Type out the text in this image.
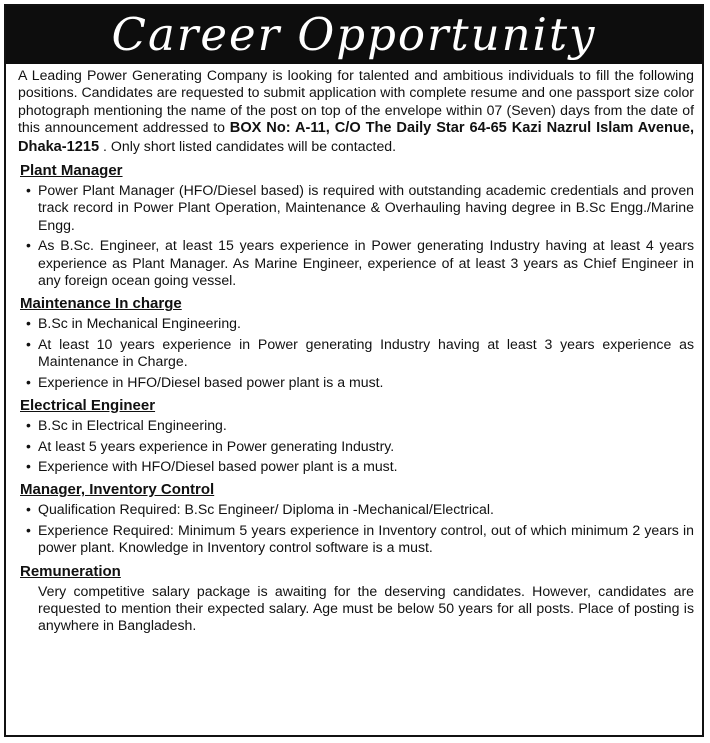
Career Opportunity

A Leading Power Generating Company is looking for talented and ambitious individuals to fill the following positions. Candidates are requested to submit application with complete resume and one passport size color photograph mentioning the name of the post on top of the envelope within 07 (Seven) days from the date of this announcement addressed to BOX No: A-11, C/O The Daily Star 64-65 Kazi Nazrul Islam Avenue, Dhaka-1215 . Only short listed candidates will be contacted.

Plant Manager
• Power Plant Manager (HFO/Diesel based) is required with outstanding academic credentials and proven track record in Power Plant Operation, Maintenance & Overhauling having degree in B.Sc Engg./Marine Engg.
• As B.Sc. Engineer, at least 15 years experience in Power generating Industry having at least 4 years experience as Plant Manager. As Marine Engineer, experience of at least 3 years as Chief Engineer in any foreign ocean going vessel.
Maintenance In charge
• B.Sc in Mechanical Engineering.
• At least 10 years experience in Power generating Industry having at least 3 years experience as Maintenance in Charge.
• Experience in HFO/Diesel based power plant is a must.
Electrical Engineer
• B.Sc in Electrical Engineering.
• At least 5 years experience in Power generating Industry.
• Experience with HFO/Diesel based power plant is a must.
Manager, Inventory Control
• Qualification Required: B.Sc Engineer/ Diploma in -Mechanical/Electrical.
• Experience Required: Minimum 5 years experience in Inventory control, out of which minimum 2 years in power plant. Knowledge in Inventory control software is a must.
Remuneration

Very competitive salary package is awaiting for the deserving candidates. However, candidates are requested to mention their expected salary. Age must be below 50 years for all posts. Place of posting is anywhere in Bangladesh.
